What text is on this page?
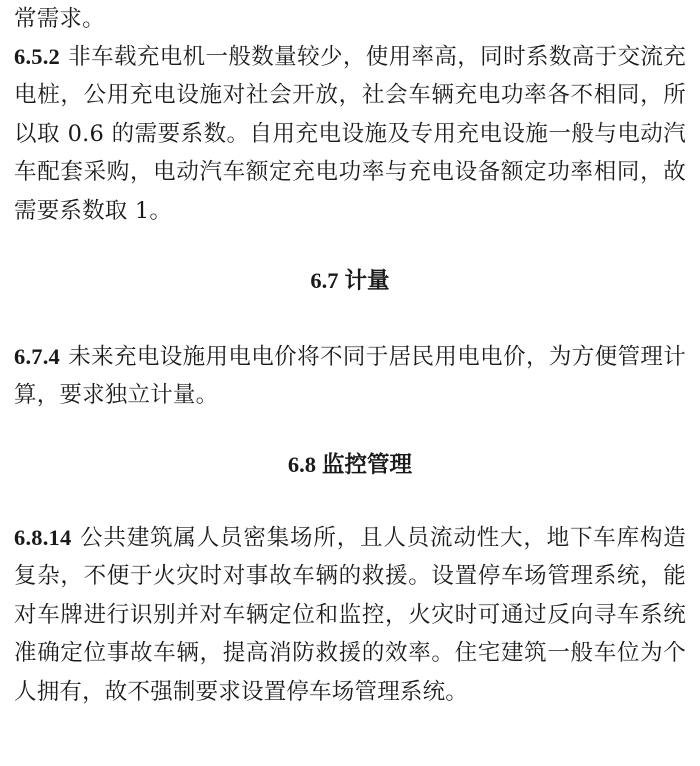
常需求。

6.5.2 非车载充电机一般数量较少，使用率高，同时系数高于交流充电桩，公用充电设施对社会开放，社会车辆充电功率各不相同，所以取 0.6 的需要系数。自用充电设施及专用充电设施一般与电动汽车配套采购，电动汽车额定充电功率与充电设备额定功率相同，故需要系数取 1。

6.7 计量

6.7.4 未来充电设施用电电价将不同于居民用电电价，为方便管理计算，要求独立计量。

6.8 监控管理

6.8.14 公共建筑属人员密集场所，且人员流动性大，地下车库构造复杂，不便于火灾时对事故车辆的救援。设置停车场管理系统，能对车牌进行识别并对车辆定位和监控，火灾时可通过反向寻车系统准确定位事故车辆，提高消防救援的效率。住宅建筑一般车位为个人拥有，故不强制要求设置停车场管理系统。
